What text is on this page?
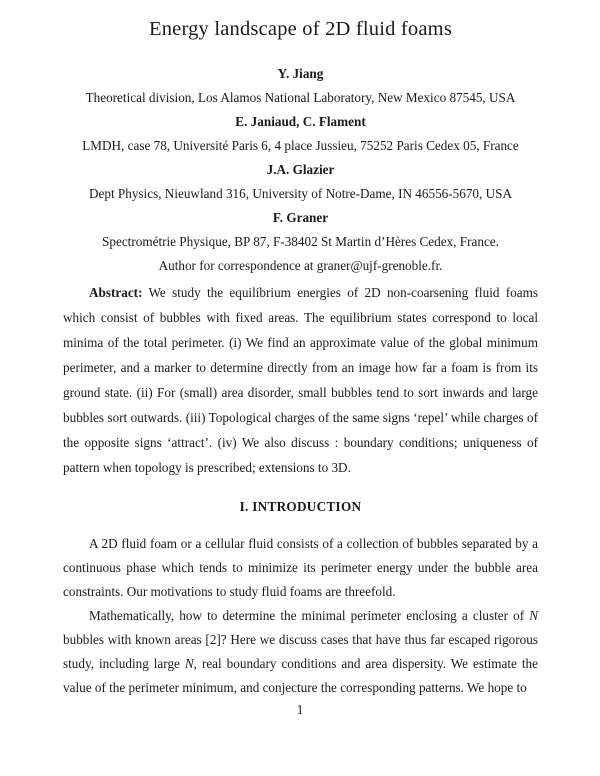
Energy landscape of 2D fluid foams

Y. Jiang

Theoretical division, Los Alamos National Laboratory, New Mexico 87545, USA

E. Janiaud, C. Flament

LMDH, case 78, Université Paris 6, 4 place Jussieu, 75252 Paris Cedex 05, France

J.A. Glazier

Dept Physics, Nieuwland 316, University of Notre-Dame, IN 46556-5670, USA

F. Graner

Spectrométrie Physique, BP 87, F-38402 St Martin d’Hères Cedex, France.

Author for correspondence at graner@ujf-grenoble.fr.

Abstract: We study the equilibrium energies of 2D non-coarsening fluid foams which consist of bubbles with fixed areas. The equilibrium states correspond to local minima of the total perimeter. (i) We find an approximate value of the global minimum perimeter, and a marker to determine directly from an image how far a foam is from its ground state. (ii) For (small) area disorder, small bubbles tend to sort inwards and large bubbles sort outwards. (iii) Topological charges of the same signs ‘repel’ while charges of the opposite signs ‘attract’. (iv) We also discuss : boundary conditions; uniqueness of pattern when topology is prescribed; extensions to 3D.

I. INTRODUCTION

A 2D fluid foam or a cellular fluid consists of a collection of bubbles separated by a continuous phase which tends to minimize its perimeter energy under the bubble area constraints. Our motivations to study fluid foams are threefold.

Mathematically, how to determine the minimal perimeter enclosing a cluster of N bubbles with known areas [2]? Here we discuss cases that have thus far escaped rigorous study, including large N, real boundary conditions and area dispersity. We estimate the value of the perimeter minimum, and conjecture the corresponding patterns. We hope to

1
